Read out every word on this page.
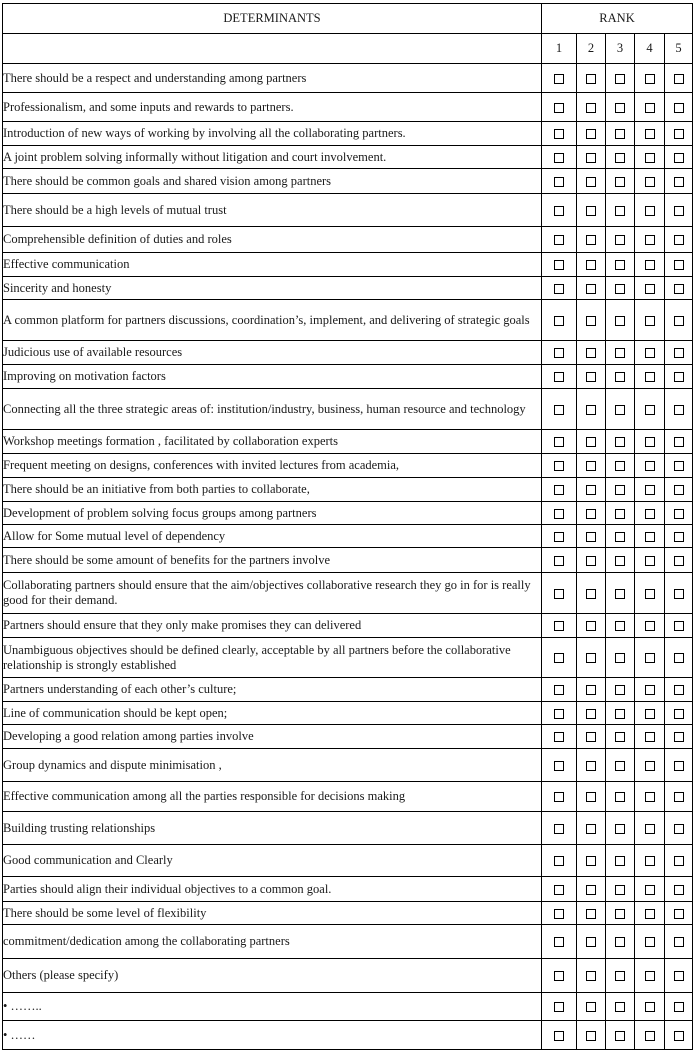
DETERMINANTS	RANK				
	1	2	3	4	5
There should be a respect and understanding among partners					
Professionalism, and some inputs and rewards to partners.					
Introduction of new ways of working by involving all the collaborating partners.					
A joint problem solving informally without litigation and court involvement.					
There should be common goals and shared vision among partners					
There should be a high levels of mutual trust					
Comprehensible definition of duties and roles					
Effective communication					
Sincerity and honesty					
A common platform for partners discussions, coordination’s, implement, and delivering of strategic goals					
Judicious use of available resources					
Improving on motivation factors					
Connecting all the three strategic areas of: institution/industry, business, human resource and technology					
Workshop meetings formation , facilitated by collaboration experts					
Frequent meeting on designs, conferences with invited lectures from academia,					
There should be an initiative from both parties to collaborate,					
Development of problem solving focus groups among partners					
Allow for Some mutual level of dependency					
There should be some amount of benefits for the partners involve					
Collaborating partners should ensure that the aim/objectives collaborative research they go in for is really good for their demand.					
Partners should ensure that they only make promises they can delivered					
Unambiguous objectives should be defined clearly, acceptable by all partners before the collaborative relationship is strongly established					
Partners understanding of each other’s culture;					
Line of communication should be kept open;					
Developing a good relation among parties involve					
Group dynamics and dispute minimisation ,					
Effective communication among all the parties responsible for decisions making					
Building trusting relationships					
Good communication and Clearly					
Parties should align their individual objectives to a common goal.					
There should be some level of flexibility					
commitment/dedication among the collaborating partners					
Others (please specify)					
• ……..					
• ……					
